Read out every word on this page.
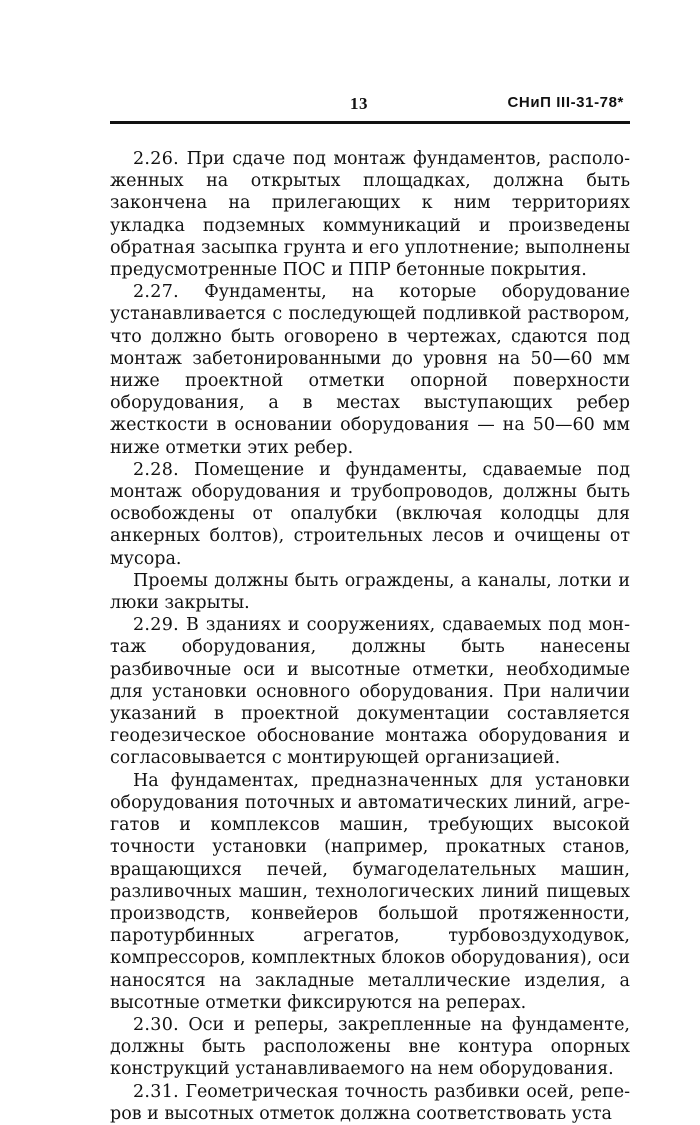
13	СНиП III-31-78*

2.26. При сдаче под монтаж фундаментов, расположенных на открытых площадках, должна быть закончена на прилегающих к ним территориях укладка подземных коммуникаций и произведены обратная засыпка грунта и его уплотнение; выполнены предусмотренные ПОС и ППР бетонные покрытия.

2.27. Фундаменты, на которые оборудование устанавливается с последующей подливкой раствором, что должно быть оговорено в чертежах, сдаются под монтаж забетонированными до уровня на 50—60 мм ниже проектной отметки опорной поверхности оборудования, а в местах выступающих ребер жесткости в основании оборудования — на 50—60 мм ниже отметки этих ребер.

2.28. Помещение и фундаменты, сдаваемые под монтаж оборудования и трубопроводов, должны быть освобождены от опалубки (включая колодцы для анкерных болтов), строительных лесов и очищены от мусора.

Проемы должны быть ограждены, а каналы, лотки и люки закрыты.

2.29. В зданиях и сооружениях, сдаваемых под монтаж оборудования, должны быть нанесены разбивочные оси и высотные отметки, необходимые для установки основного оборудования. При наличии указаний в проектной документации составляется геодезическое обоснование монтажа оборудования и согласовывается с монтирующей организацией.

На фундаментах, предназначенных для установки оборудования поточных и автоматических линий, агрегатов и комплексов машин, требующих высокой точности установки (например, прокатных станов, вращающихся печей, бумагоделательных машин, разливочных машин, технологических линий пищевых производств, конвейеров большой протяженности, паротурбинных агрегатов, турбовоздуходувок, компрессоров, комплектных блоков оборудования), оси наносятся на закладные металлические изделия, а высотные отметки фиксируются на реперах.

2.30. Оси и реперы, закрепленные на фундаменте, должны быть расположены вне контура опорных конструкций устанавливаемого на нем оборудования.

2.31. Геометрическая точность разбивки осей, реперов и высотных отметок должна соответствовать уста
